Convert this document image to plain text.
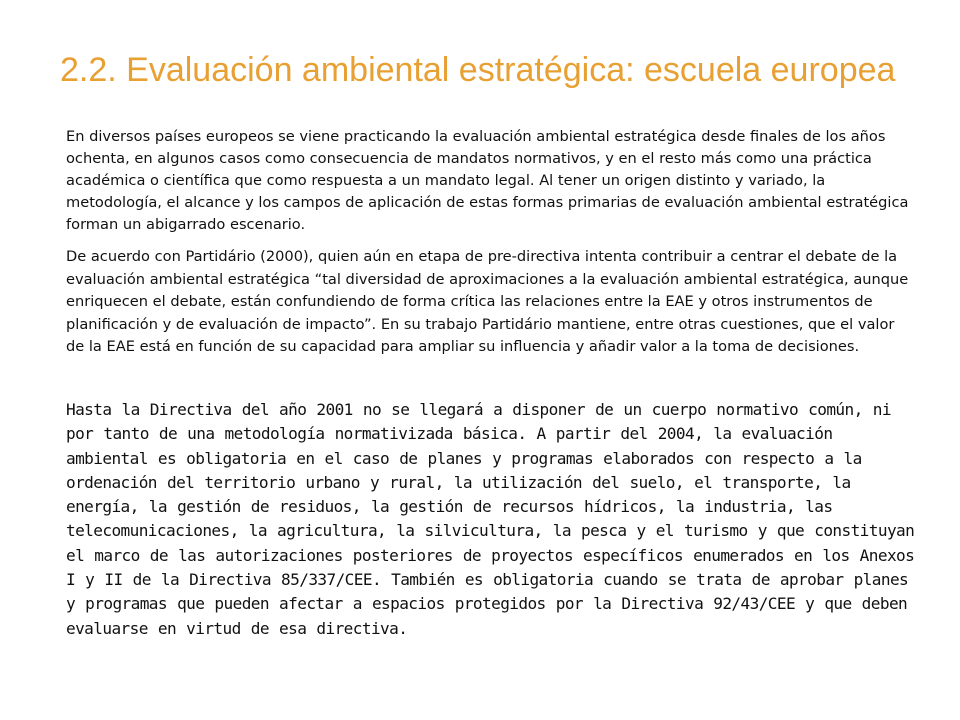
2.2. Evaluación ambiental estratégica: escuela europea

En diversos países europeos se viene practicando la evaluación ambiental estratégica desde finales de los años ochenta, en algunos casos como consecuencia de mandatos normativos, y en el resto más como una práctica académica o científica que como respuesta a un mandato legal. Al tener un origen distinto y variado, la metodología, el alcance y los campos de aplicación de estas formas primarias de evaluación ambiental estratégica forman un abigarrado escenario.

De acuerdo con Partidário (2000), quien aún en etapa de pre-directiva intenta contribuir a centrar el debate de la evaluación ambiental estratégica “tal diversidad de aproximaciones a la evaluación ambiental estratégica, aunque enriquecen el debate, están confundiendo de forma crítica las relaciones entre la EAE y otros instrumentos de planificación y de evaluación de impacto”. En su trabajo Partidário mantiene, entre otras cuestiones, que el valor de la EAE está en función de su capacidad para ampliar su influencia y añadir valor a la toma de decisiones.

Hasta la Directiva del año 2001 no se llegará a disponer de un cuerpo normativo común, ni por tanto de una metodología normativizada básica. A partir del 2004, la evaluación ambiental es obligatoria en el caso de planes y programas elaborados con respecto a la ordenación del territorio urbano y rural, la utilización del suelo, el transporte, la energía, la gestión de residuos, la gestión de recursos hídricos, la industria, las telecomunicaciones, la agricultura, la silvicultura, la pesca y el turismo y que constituyan el marco de las autorizaciones posteriores de proyectos específicos enumerados en los Anexos I y II de la Directiva 85/337/CEE. También es obligatoria cuando se trata de aprobar planes y programas que pueden afectar a espacios protegidos por la Directiva 92/43/CEE y que deben evaluarse en virtud de esa directiva.
